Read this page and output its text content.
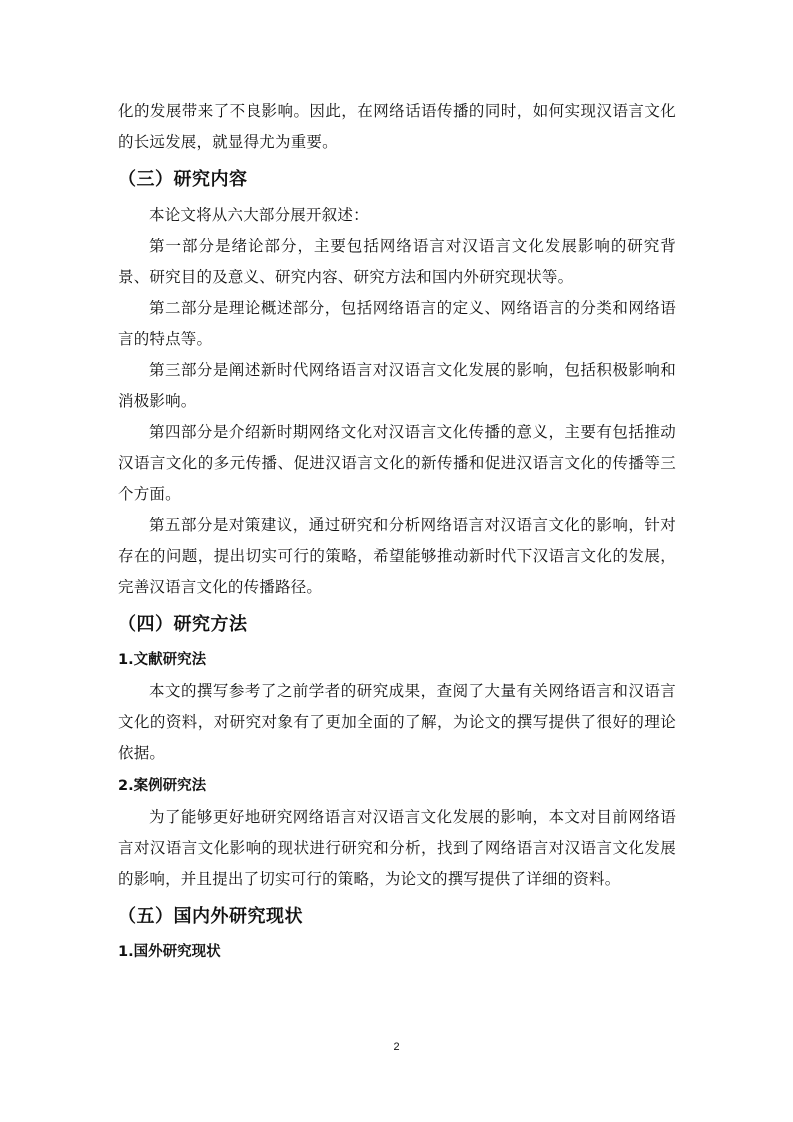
化的发展带来了不良影响。因此，在网络话语传播的同时，如何实现汉语言文化的长远发展，就显得尤为重要。

（三）研究内容

本论文将从六大部分展开叙述：

第一部分是绪论部分，主要包括网络语言对汉语言文化发展影响的研究背景、研究目的及意义、研究内容、研究方法和国内外研究现状等。

第二部分是理论概述部分，包括网络语言的定义、网络语言的分类和网络语言的特点等。

第三部分是阐述新时代网络语言对汉语言文化发展的影响，包括积极影响和消极影响。

第四部分是介绍新时期网络文化对汉语言文化传播的意义，主要有包括推动汉语言文化的多元传播、促进汉语言文化的新传播和促进汉语言文化的传播等三个方面。

第五部分是对策建议，通过研究和分析网络语言对汉语言文化的影响，针对存在的问题，提出切实可行的策略，希望能够推动新时代下汉语言文化的发展，完善汉语言文化的传播路径。

（四）研究方法
1.文献研究法

本文的撰写参考了之前学者的研究成果，查阅了大量有关网络语言和汉语言文化的资料，对研究对象有了更加全面的了解，为论文的撰写提供了很好的理论依据。

2.案例研究法

为了能够更好地研究网络语言对汉语言文化发展的影响，本文对目前网络语言对汉语言文化影响的现状进行研究和分析，找到了网络语言对汉语言文化发展的影响，并且提出了切实可行的策略，为论文的撰写提供了详细的资料。

（五）国内外研究现状
1.国外研究现状
2
